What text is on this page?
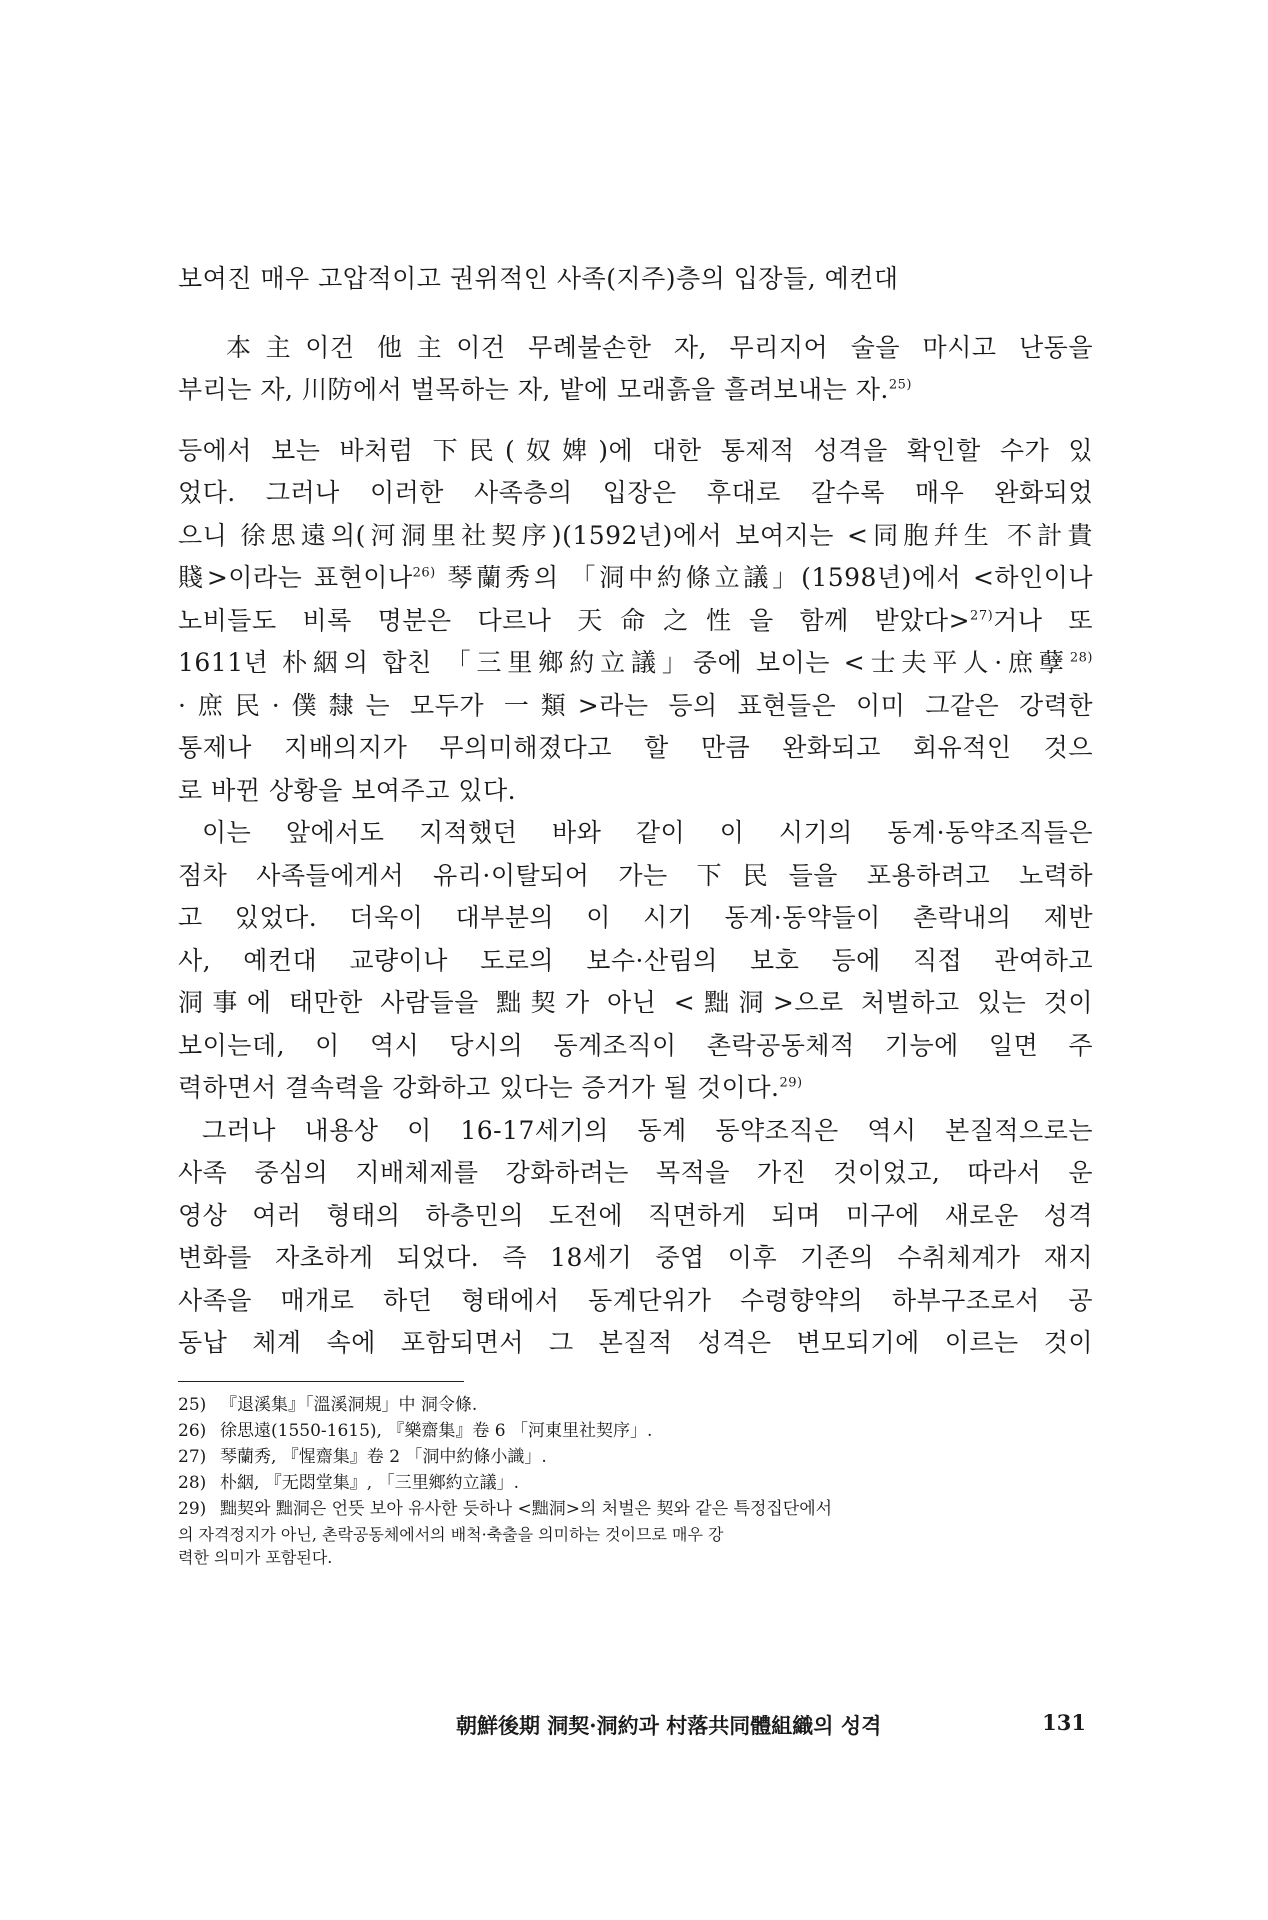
보여진 매우 고압적이고 권위적인 사족(지주)층의 입장들, 예컨대
本主이건 他主이건 무례불손한 자, 무리지어 술을 마시고 난동을
부리는 자, 川防에서 벌목하는 자, 밭에 모래흙을 흘려보내는 자.$^{25)}$
등에서 보는 바처럼 下民(奴婢)에 대한 통제적 성격을 확인할 수가 있
었다. 그러나 이러한 사족층의 입장은 후대로 갈수록 매우 완화되었
으니 徐思遠의(河洞里社契序)(1592년)에서 보여지는 <同胞幷生 不計貴
賤>이라는 표현이나$^{26)}$ 琴蘭秀의 「洞中約條立議」(1598년)에서 <하인이나
노비들도 비록 명분은 다르나 天命之性을 함께 받았다>$^{27)}$거나 또
1611년 朴絪의 합친 「三里鄉約立議」중에 보이는 <士夫平人·庶孽$^{28)}$
·庶民·僕隸는 모두가 一類>라는 등의 표현들은 이미 그같은 강력한
통제나 지배의지가 무의미해졌다고 할 만큼 완화되고 회유적인 것으
로 바뀐 상황을 보여주고 있다.
이는 앞에서도 지적했던 바와 같이 이 시기의 동계·동약조직들은
점차 사족들에게서 유리·이탈되어 가는 下民들을 포용하려고 노력하
고 있었다. 더욱이 대부분의 이 시기 동계·동약들이 촌락내의 제반
사, 예컨대 교량이나 도로의 보수·산림의 보호 등에 직접 관여하고
洞事에 태만한 사람들을 黜契가 아닌 <黜洞>으로 처벌하고 있는 것이
보이는데, 이 역시 당시의 동계조직이 촌락공동체적 기능에 일면 주
력하면서 결속력을 강화하고 있다는 증거가 될 것이다.$^{29)}$
그러나 내용상 이 16-17세기의 동계 동약조직은 역시 본질적으로는
사족 중심의 지배체제를 강화하려는 목적을 가진 것이었고, 따라서 운
영상 여러 형태의 하층민의 도전에 직면하게 되며 미구에 새로운 성격
변화를 자초하게 되었다. 즉 18세기 중엽 이후 기존의 수취체계가 재지
사족을 매개로 하던 형태에서 동계단위가 수령향약의 하부구조로서 공
동납 체계 속에 포함되면서 그 본질적 성격은 변모되기에 이르는 것이
25) 『退溪集』「溫溪洞規」中 洞令條.
26) 徐思遠(1550-1615), 『樂齋集』卷 6 「河東里社契序」.
27) 琴蘭秀, 『惺齋集』卷 2 「洞中約條小識」.
28) 朴絪, 『无悶堂集』, 「三里鄉約立議」.
29) 黜契와 黜洞은 언뜻 보아 유사한 듯하나 <黜洞>의 처벌은 契와 같은 특정집단에서
의 자격정지가 아닌, 촌락공동체에서의 배척·축출을 의미하는 것이므로 매우 강
력한 의미가 포함된다.
朝鮮後期 洞契·洞約과 村落共同體組織의 성격	131
